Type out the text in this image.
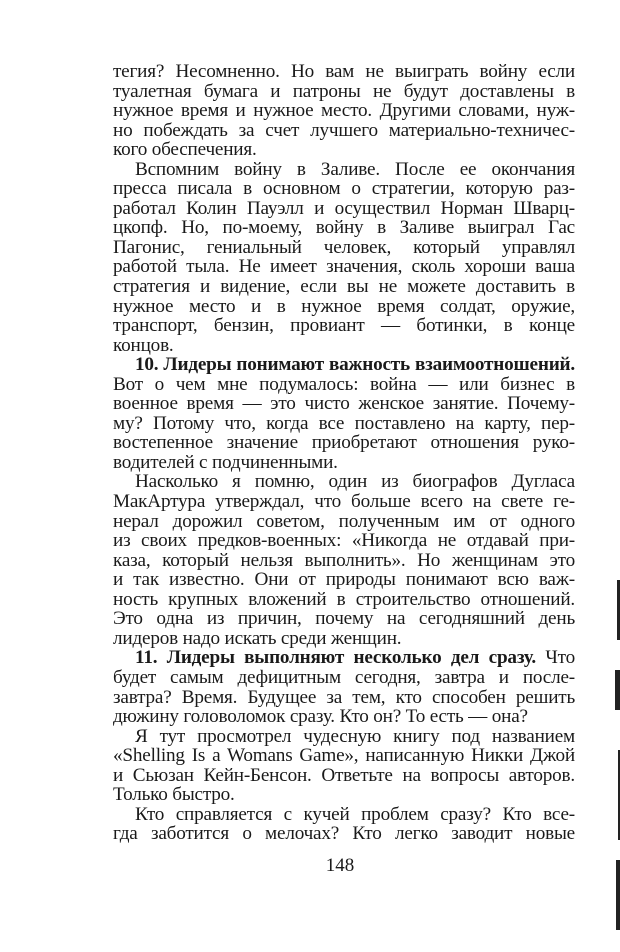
тегия? Несомненно. Но вам не выиграть войну если
туалетная бумага и патроны не будут доставлены в
нужное время и нужное место. Другими словами, нуж-
но побеждать за счет лучшего материально-техничес-
кого обеспечения.
Вспомним войну в Заливе. После ее окончания
пресса писала в основном о стратегии, которую раз-
работал Колин Пауэлл и осуществил Норман Шварц-
цкопф. Но, по-моему, войну в Заливе выиграл Гас
Пагонис, гениальный человек, который управлял
работой тыла. Не имеет значения, сколь хороши ваша
стратегия и видение, если вы не можете доставить в
нужное место и в нужное время солдат, оружие,
транспорт, бензин, провиант — ботинки, в конце
концов.
10. Лидеры понимают важность взаимоотношений.
Вот о чем мне подумалось: война — или бизнес в
военное время — это чисто женское занятие. Почему-
му? Потому что, когда все поставлено на карту, пер-
востепенное значение приобретают отношения руко-
водителей с подчиненными.
Насколько я помню, один из биографов Дугласа
МакАртура утверждал, что больше всего на свете ге-
нерал дорожил советом, полученным им от одного
из своих предков-военных: «Никогда не отдавай при-
каза, который нельзя выполнить». Но женщинам это
и так известно. Они от природы понимают всю важ-
ность крупных вложений в строительство отношений.
Это одна из причин, почему на сегодняшний день
лидеров надо искать среди женщин.
11. Лидеры выполняют несколько дел сразу. Что
будет самым дефицитным сегодня, завтра и после-
завтра? Время. Будущее за тем, кто способен решить
дюжину головоломок сразу. Кто он? То есть — она?
Я тут просмотрел чудесную книгу под названием
«Shelling Is a Womans Game», написанную Никки Джой
и Сьюзан Кейн-Бенсон. Ответьте на вопросы авторов.
Только быстро.
Кто справляется с кучей проблем сразу? Кто все-
гда заботится о мелочах? Кто легко заводит новые
148
